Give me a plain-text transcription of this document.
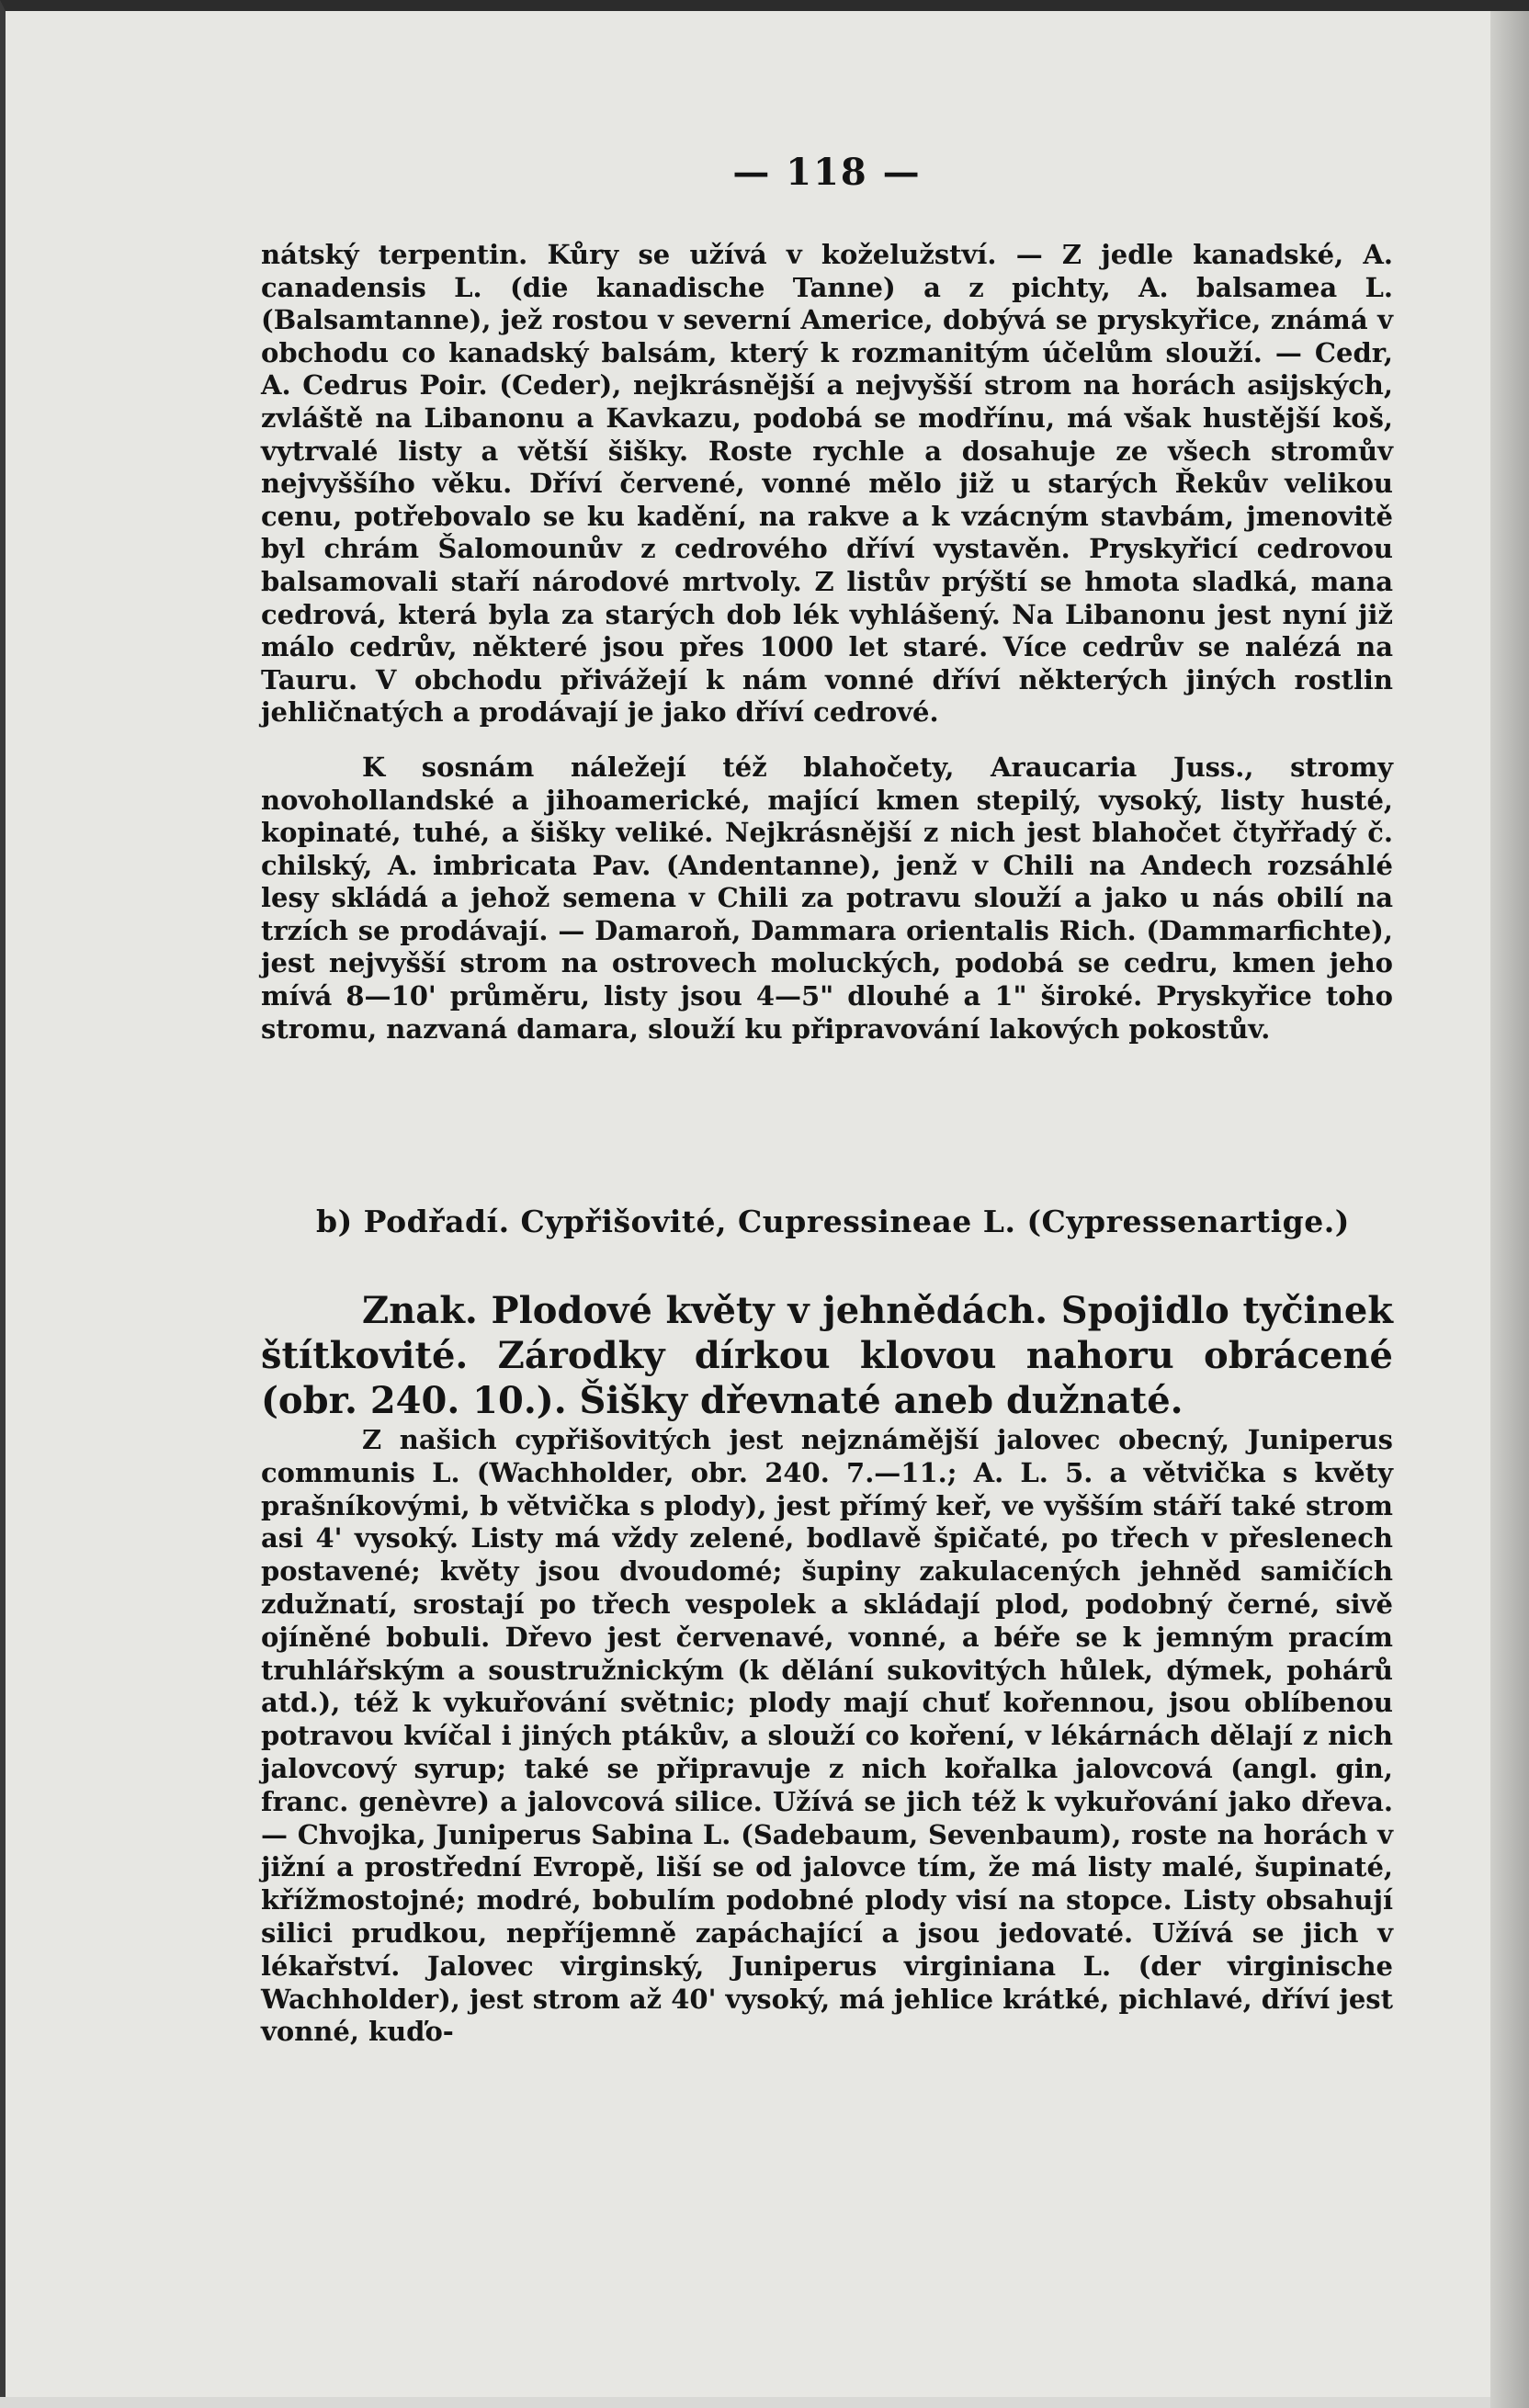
— 118 —

nátský terpentin. Kůry se užívá v koželužství. — Z jedle kanadské, A. canadensis L. (die kanadische Tanne) a z pichty, A. balsamea L. (Balsamtanne), jež rostou v severní Americe, dobývá se pryskyřice, známá v obchodu co kanadský balsám, který k rozmanitým účelům slouží. — Cedr, A. Cedrus Poir. (Ceder), nejkrásnější a nejvyšší strom na horách asijských, zvláště na Libanonu a Kavkazu, podobá se modřínu, má však hustější koš, vytrvalé listy a větší šišky. Roste rychle a dosahuje ze všech stromův nejvyššího věku. Dříví červené, vonné mělo již u starých Řekův velikou cenu, potřebovalo se ku kadění, na rakve a k vzácným stavbám, jmenovitě byl chrám Šalomounův z cedrového dříví vystavěn. Pryskyřicí cedrovou balsamovali staří národové mrtvoly. Z listův prýští se hmota sladká, mana cedrová, která byla za starých dob lék vyhlášený. Na Libanonu jest nyní již málo cedrův, některé jsou přes 1000 let staré. Více cedrův se nalézá na Tauru. V obchodu přivážejí k nám vonné dříví některých jiných rostlin jehličnatých a prodávají je jako dříví cedrové.

K sosnám náležejí též blahočety, Araucaria Juss., stromy novohollandské a jihoamerické, mající kmen stepilý, vysoký, listy husté, kopinaté, tuhé, a šišky veliké. Nejkrásnější z nich jest blahočet čtyřřadý č. chilský, A. imbricata Pav. (Andentanne), jenž v Chili na Andech rozsáhlé lesy skládá a jehož semena v Chili za potravu slouží a jako u nás obilí na trzích se prodávají. — Damaroň, Dammara orientalis Rich. (Dammarfichte), jest nejvyšší strom na ostrovech moluckých, podobá se cedru, kmen jeho mívá 8—10' průměru, listy jsou 4—5" dlouhé a 1" široké. Pryskyřice toho stromu, nazvaná damara, slouží ku připravování lakových pokostův.

b) Podřadí. Cypřišovité, Cupressineae L. (Cypressenartige.)

Znak. Plodové květy v jehnědách. Spojidlo tyčinek štítkovité. Zárodky dírkou klovou nahoru obrácené (obr. 240. 10.). Šišky dřevnaté aneb dužnaté.

Z našich cypřišovitých jest nejznámější jalovec obecný, Juniperus communis L. (Wachholder, obr. 240. 7.—11.; A. L. 5. a větvička s květy prašníkovými, b větvička s plody), jest přímý keř, ve vyšším stáří také strom asi 4' vysoký. Listy má vždy zelené, bodlavě špičaté, po třech v přeslenech postavené; květy jsou dvoudomé; šupiny zakulacených jehněd samičích zdužnatí, srostají po třech vespolek a skládají plod, podobný černé, sivě ojíněné bobuli. Dřevo jest červenavé, vonné, a béře se k jemným pracím truhlářským a soustružnickým (k dělání sukovitých hůlek, dýmek, pohárů atd.), též k vykuřování světnic; plody mají chuť kořennou, jsou oblíbenou potravou kvíčal i jiných ptákův, a slouží co koření, v lékárnách dělají z nich jalovcový syrup; také se připravuje z nich kořalka jalovcová (angl. gin, franc. genèvre) a jalovcová silice. Užívá se jich též k vykuřování jako dřeva. — Chvojka, Juniperus Sabina L. (Sadebaum, Sevenbaum), roste na horách v jižní a prostřední Evropě, liší se od jalovce tím, že má listy malé, šupinaté, křížmostojné; modré, bobulím podobné plody visí na stopce. Listy obsahují silici prudkou, nepříjemně zapáchající a jsou jedovaté. Užívá se jich v lékařství. Jalovec virginský, Juniperus virginiana L. (der virginische Wachholder), jest strom až 40' vysoký, má jehlice krátké, pichlavé, dříví jest vonné, kuďo-
